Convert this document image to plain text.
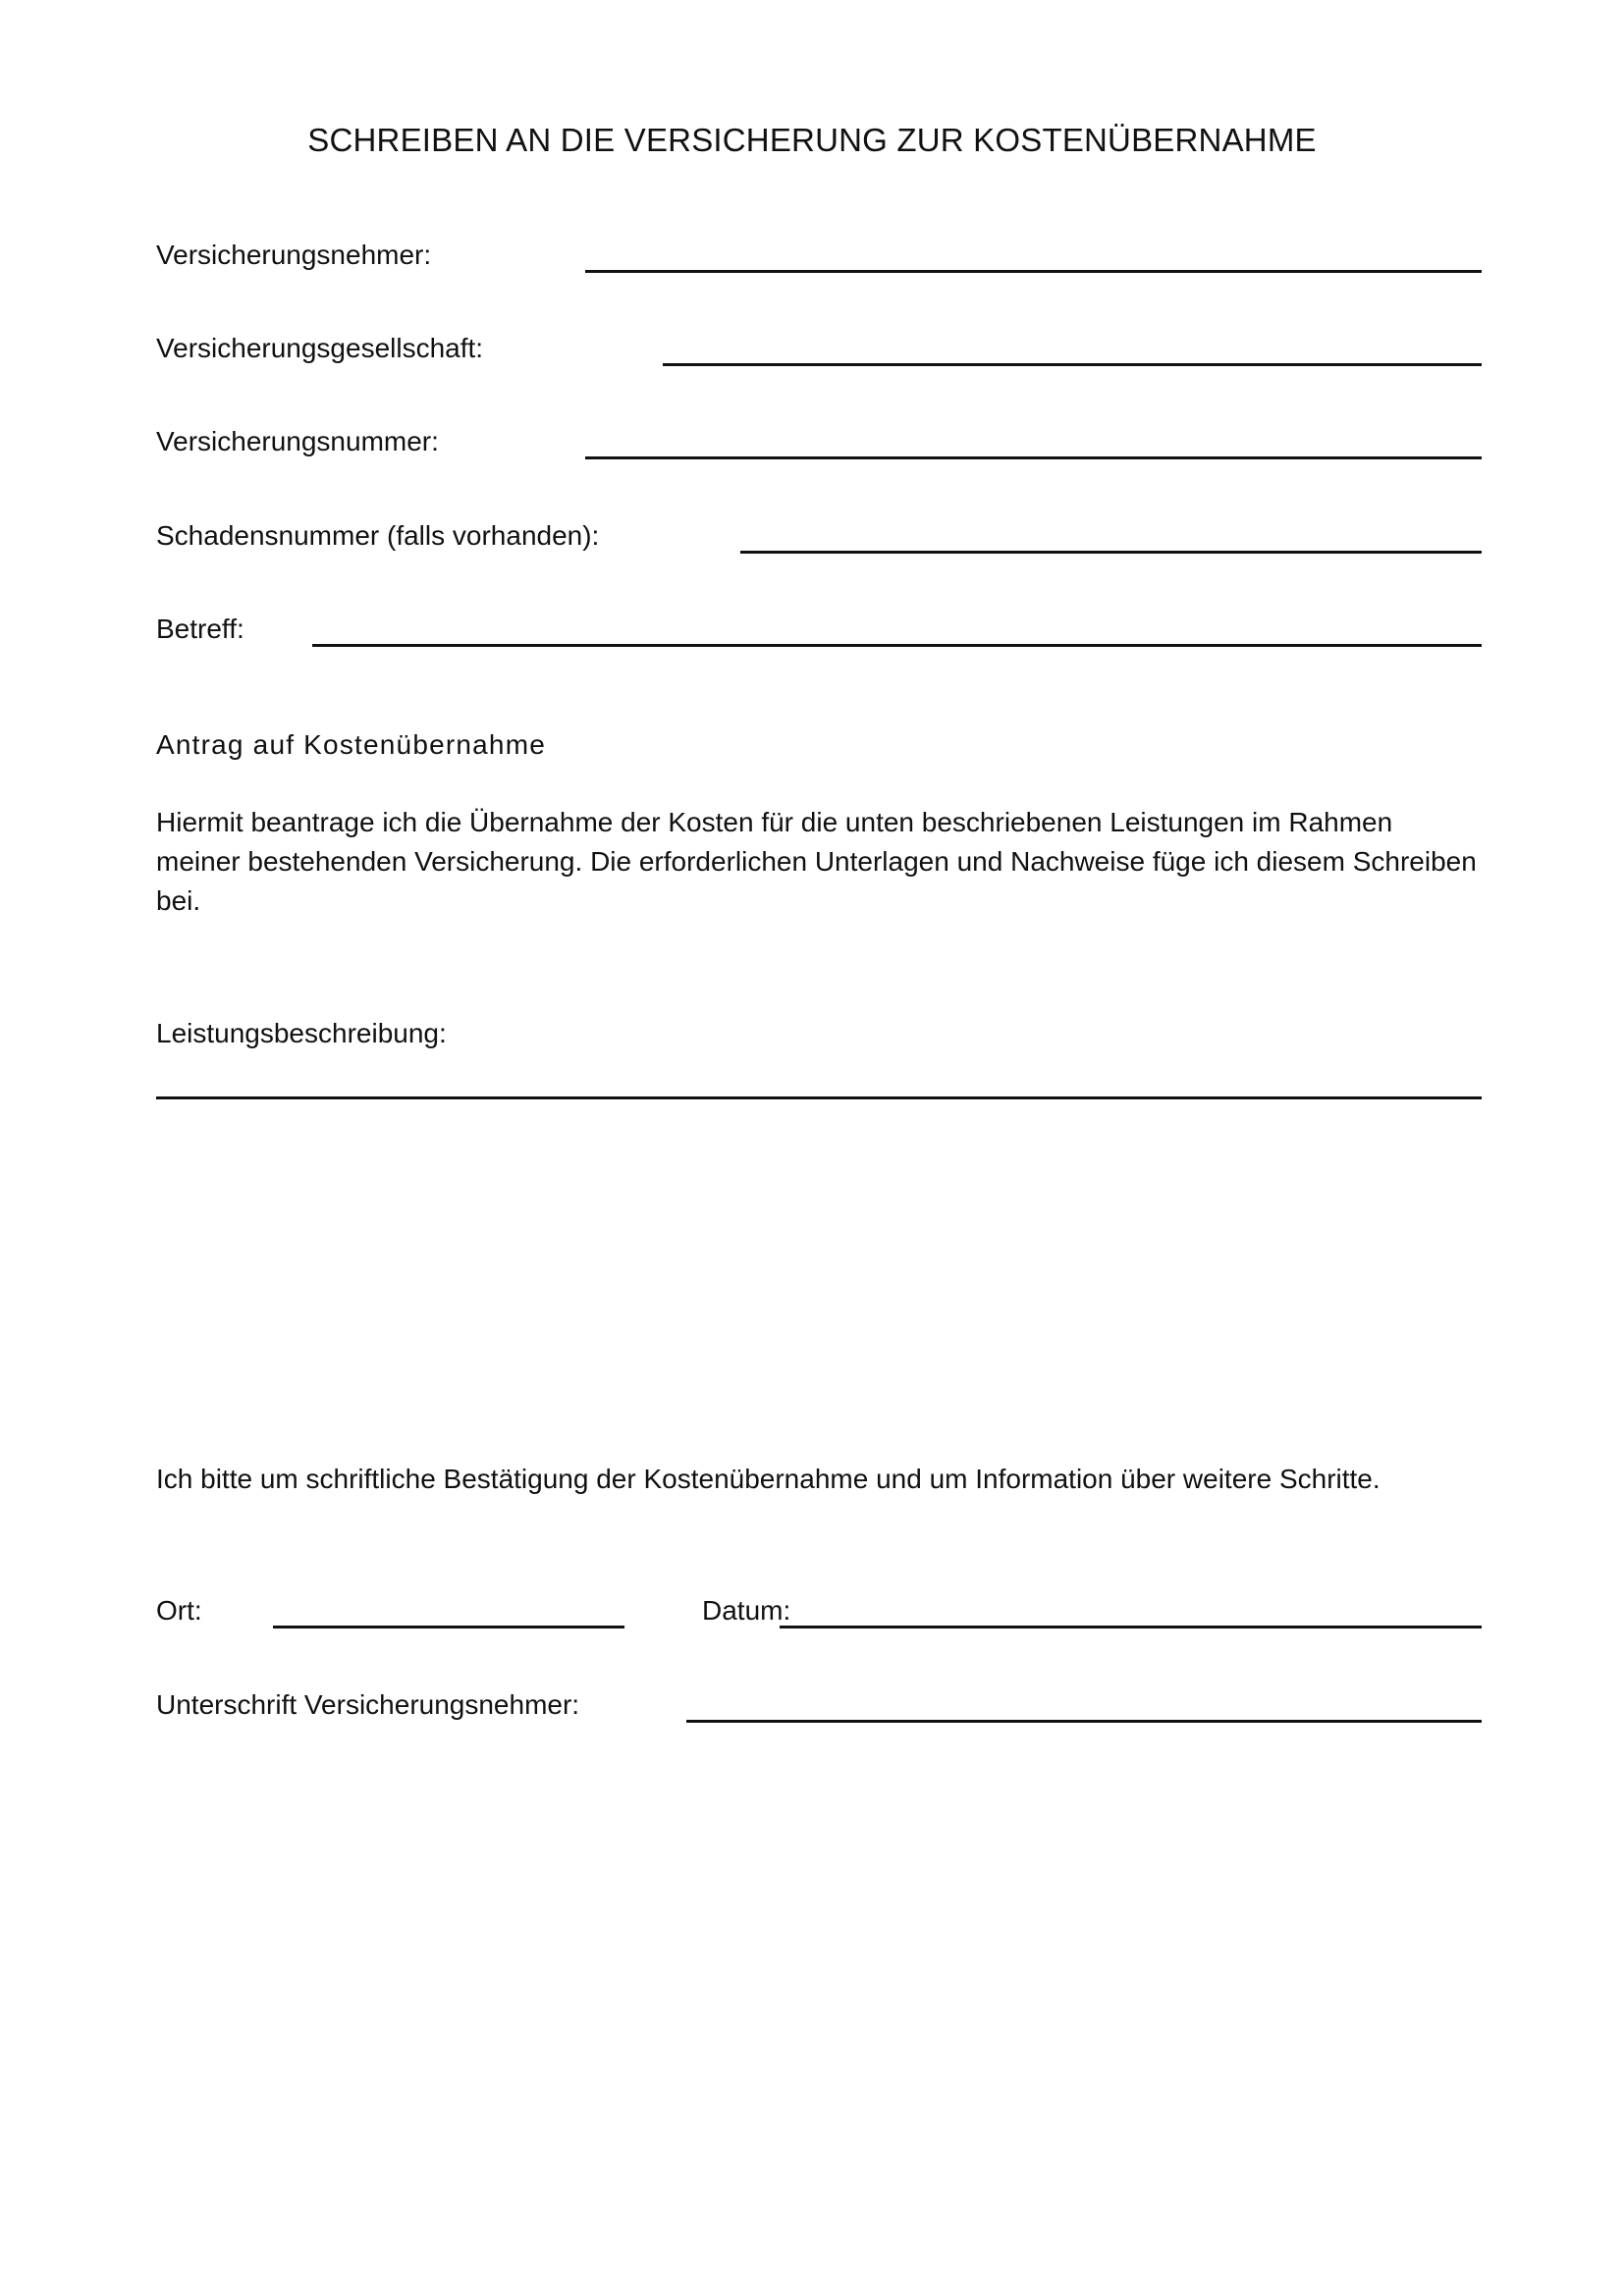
SCHREIBEN AN DIE VERSICHERUNG ZUR KOSTENÜBERNAHME
Versicherungsnehmer:
Versicherungsgesellschaft:
Versicherungsnummer:
Schadensnummer (falls vorhanden):
Betreff:
Antrag auf Kostenübernahme
Hiermit beantrage ich die Übernahme der Kosten für die unten beschriebenen Leistungen im Rahmen meiner bestehenden Versicherung. Die erforderlichen Unterlagen und Nachweise füge ich diesem Schreiben bei.
Leistungsbeschreibung:
Ich bitte um schriftliche Bestätigung der Kostenübernahme und um Information über weitere Schritte.
Ort:	Datum:
Unterschrift Versicherungsnehmer:
